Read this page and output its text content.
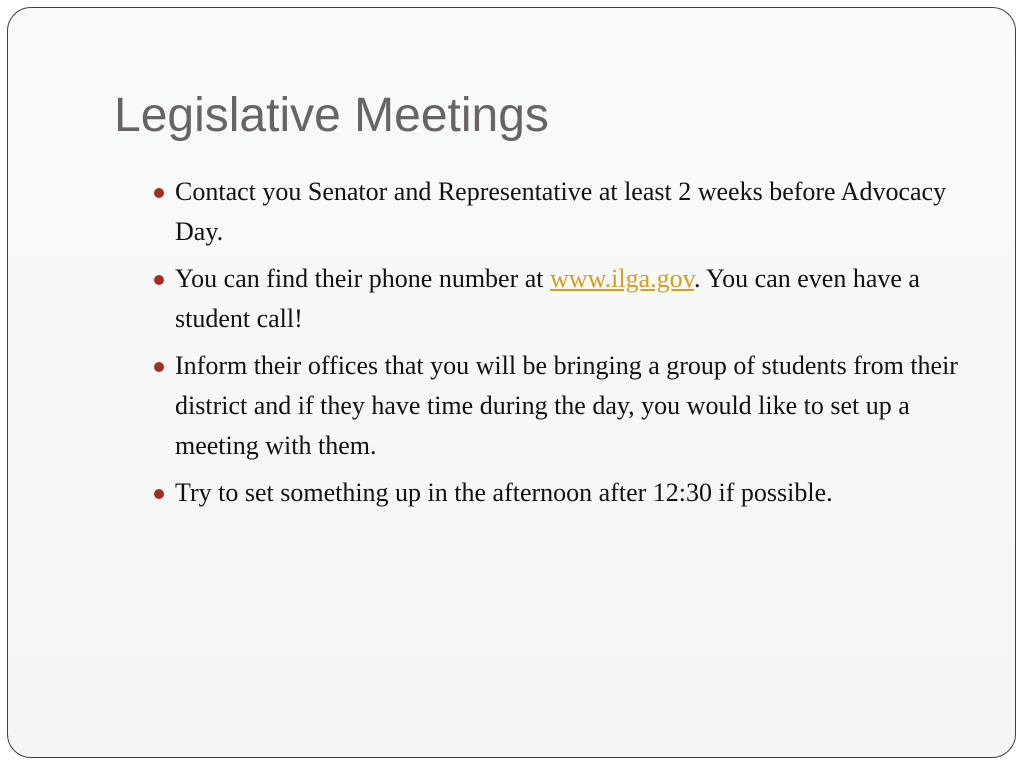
Legislative Meetings
Contact you Senator and Representative at least 2 weeks before Advocacy Day.
You can find their phone number at www.ilga.gov. You can even have a student call!
Inform their offices that you will be bringing a group of students from their district and if they have time during the day, you would like to set up a meeting with them.
Try to set something up in the afternoon after 12:30 if possible.
